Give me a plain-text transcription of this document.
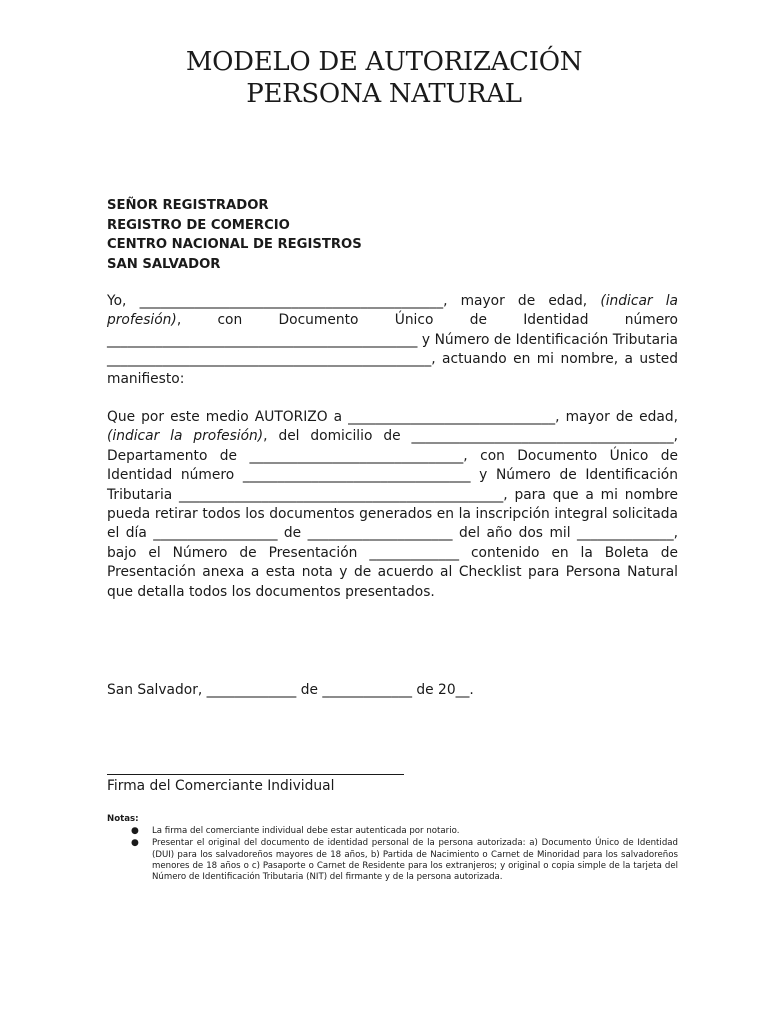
MODELO DE AUTORIZACIÓN
PERSONA NATURAL
SEÑOR REGISTRADOR
REGISTRO DE COMERCIO
CENTRO NACIONAL DE REGISTROS
SAN SALVADOR
Yo, ____________________________________________, mayor de edad, (indicar la profesión), con Documento Único de Identidad número _____________________________________________ y Número de Identificación Tributaria _______________________________________________, actuando en mi nombre, a usted manifiesto:
Que por este medio AUTORIZO a ______________________________, mayor de edad, (indicar la profesión), del domicilio de ______________________________________, Departamento de _______________________________, con Documento Único de Identidad número _________________________________ y Número de Identificación Tributaria _______________________________________________, para que a mi nombre pueda retirar todos los documentos generados en la inscripción integral solicitada el día __________________ de _____________________ del año dos mil ______________, bajo el Número de Presentación _____________ contenido en la Boleta de Presentación anexa a esta nota y de acuerdo al Checklist para Persona Natural que detalla todos los documentos presentados.
San Salvador, _____________ de _____________ de 20__.
Firma del Comerciante Individual
Notas:
● La firma del comerciante individual debe estar autenticada por notario.
● Presentar el original del documento de identidad personal de la persona autorizada: a) Documento Único de Identidad (DUI) para los salvadoreños mayores de 18 años, b) Partida de Nacimiento o Carnet de Minoridad para los salvadoreños menores de 18 años o c) Pasaporte o Carnet de Residente para los extranjeros; y original o copia simple de la tarjeta del Número de Identificación Tributaria (NIT) del firmante y de la persona autorizada.
